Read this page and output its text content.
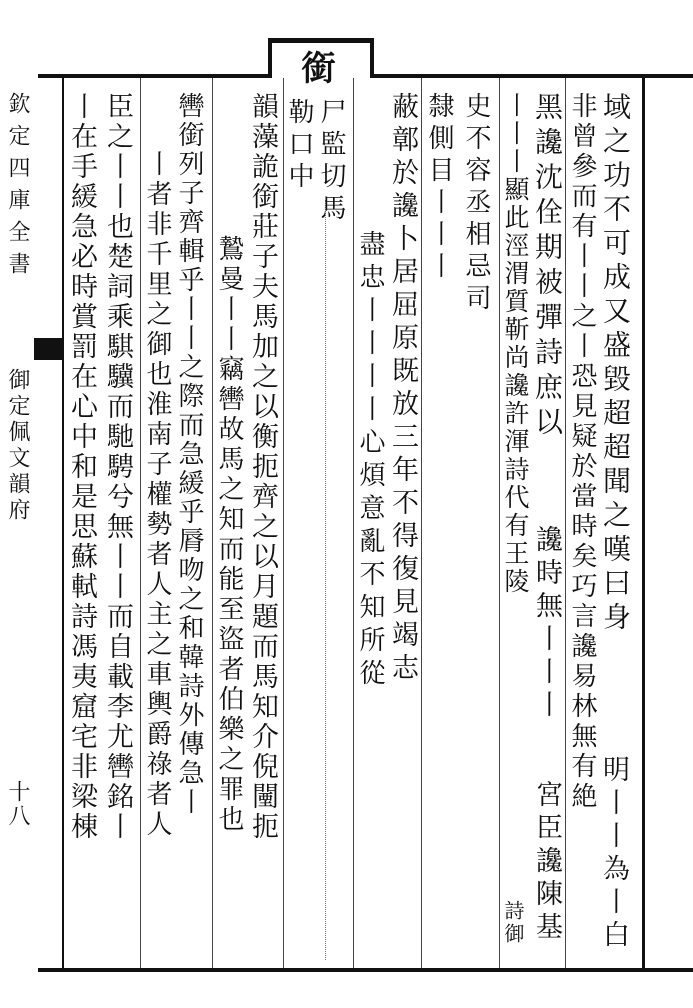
欽定四庫全書
御定佩文韻府
十八
銜
域之功不可成又盛毀超超聞之嘆曰身
非曾參而有丨丨之丨恐見疑於當時矣巧言讒易林無有絶
明丨丨為丨白
黑讒沈佺期被彈詩庶以
丨丨丨顯此涇渭質靳尚讒許渾詩代有王陵
讒時無丨丨丨
宮臣讒陳基
詩御
史不容丞相忌司
隸側目丨丨丨
蔽鄣於讒卜居屈原既放三年不得復見竭志
盡忠丨丨丨丨心煩意亂不知所從
尸監切馬
勒口中
韻藻詭銜莊子夫馬加之以衡扼齊之以月題而馬知介倪闉扼
鷙曼丨丨竊轡故馬之知而能至盜者伯樂之罪也
轡銜列子齊輯乎丨丨之際而急緩乎脣吻之和韓詩外傳急丨
丨者非千里之御也淮南子權勢者人主之車輿爵祿者人
臣之丨丨也楚詞乘騏驥而馳騁兮無丨丨而自載李尤轡銘丨
丨在手緩急必時賞罰在心中和是思蘇軾詩馮夷窟宅非梁棟
